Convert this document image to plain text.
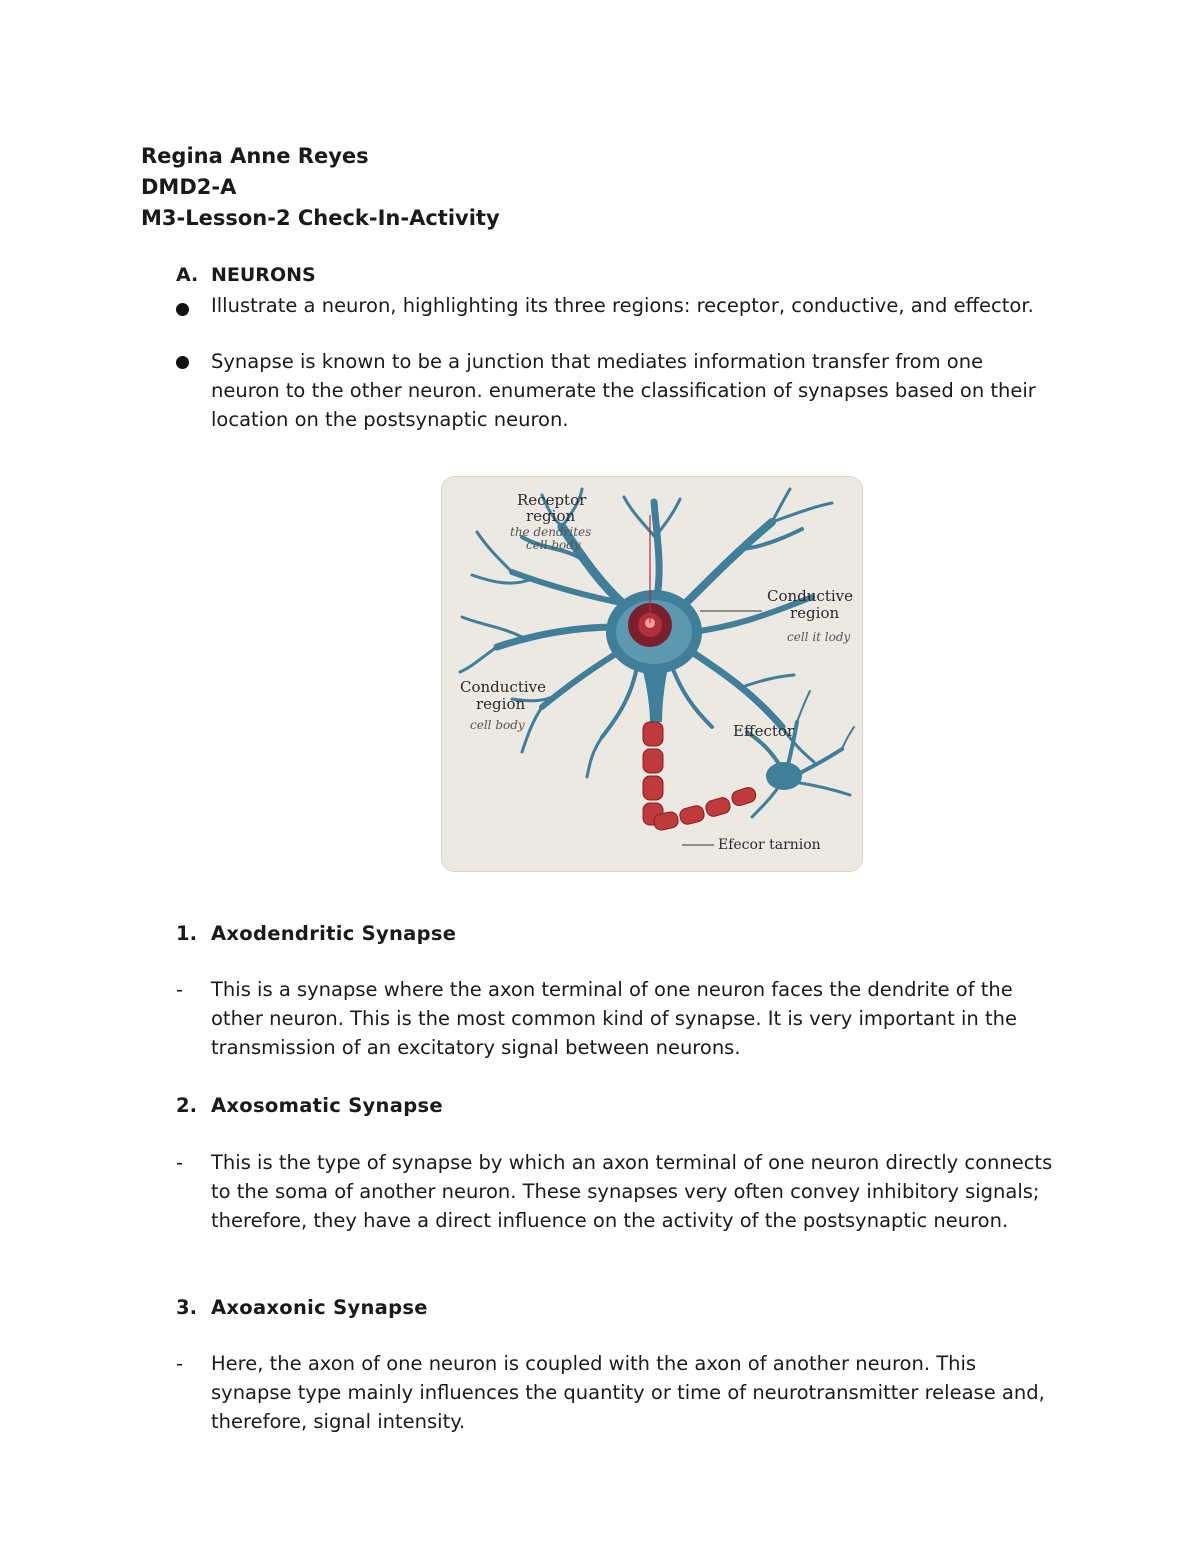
Regina Anne Reyes
DMD2-A
M3-Lesson-2 Check-In-Activity
A. NEURONS
Illustrate a neuron, highlighting its three regions: receptor, conductive, and effector.
Synapse is known to be a junction that mediates information transfer from one neuron to the other neuron. enumerate the classification of synapses based on their location on the postsynaptic neuron.
Receptor
region
the dendrites
cell body
Conductive
region
cell it lody
Conductive
region
cell body	Effector
Efecor tarnion
1. Axodendritic Synapse
- This is a synapse where the axon terminal of one neuron faces the dendrite of the other neuron. This is the most common kind of synapse. It is very important in the transmission of an excitatory signal between neurons.
2. Axosomatic Synapse
- This is the type of synapse by which an axon terminal of one neuron directly connects to the soma of another neuron. These synapses very often convey inhibitory signals; therefore, they have a direct influence on the activity of the postsynaptic neuron.
3. Axoaxonic Synapse
- Here, the axon of one neuron is coupled with the axon of another neuron. This synapse type mainly influences the quantity or time of neurotransmitter release and, therefore, signal intensity.
